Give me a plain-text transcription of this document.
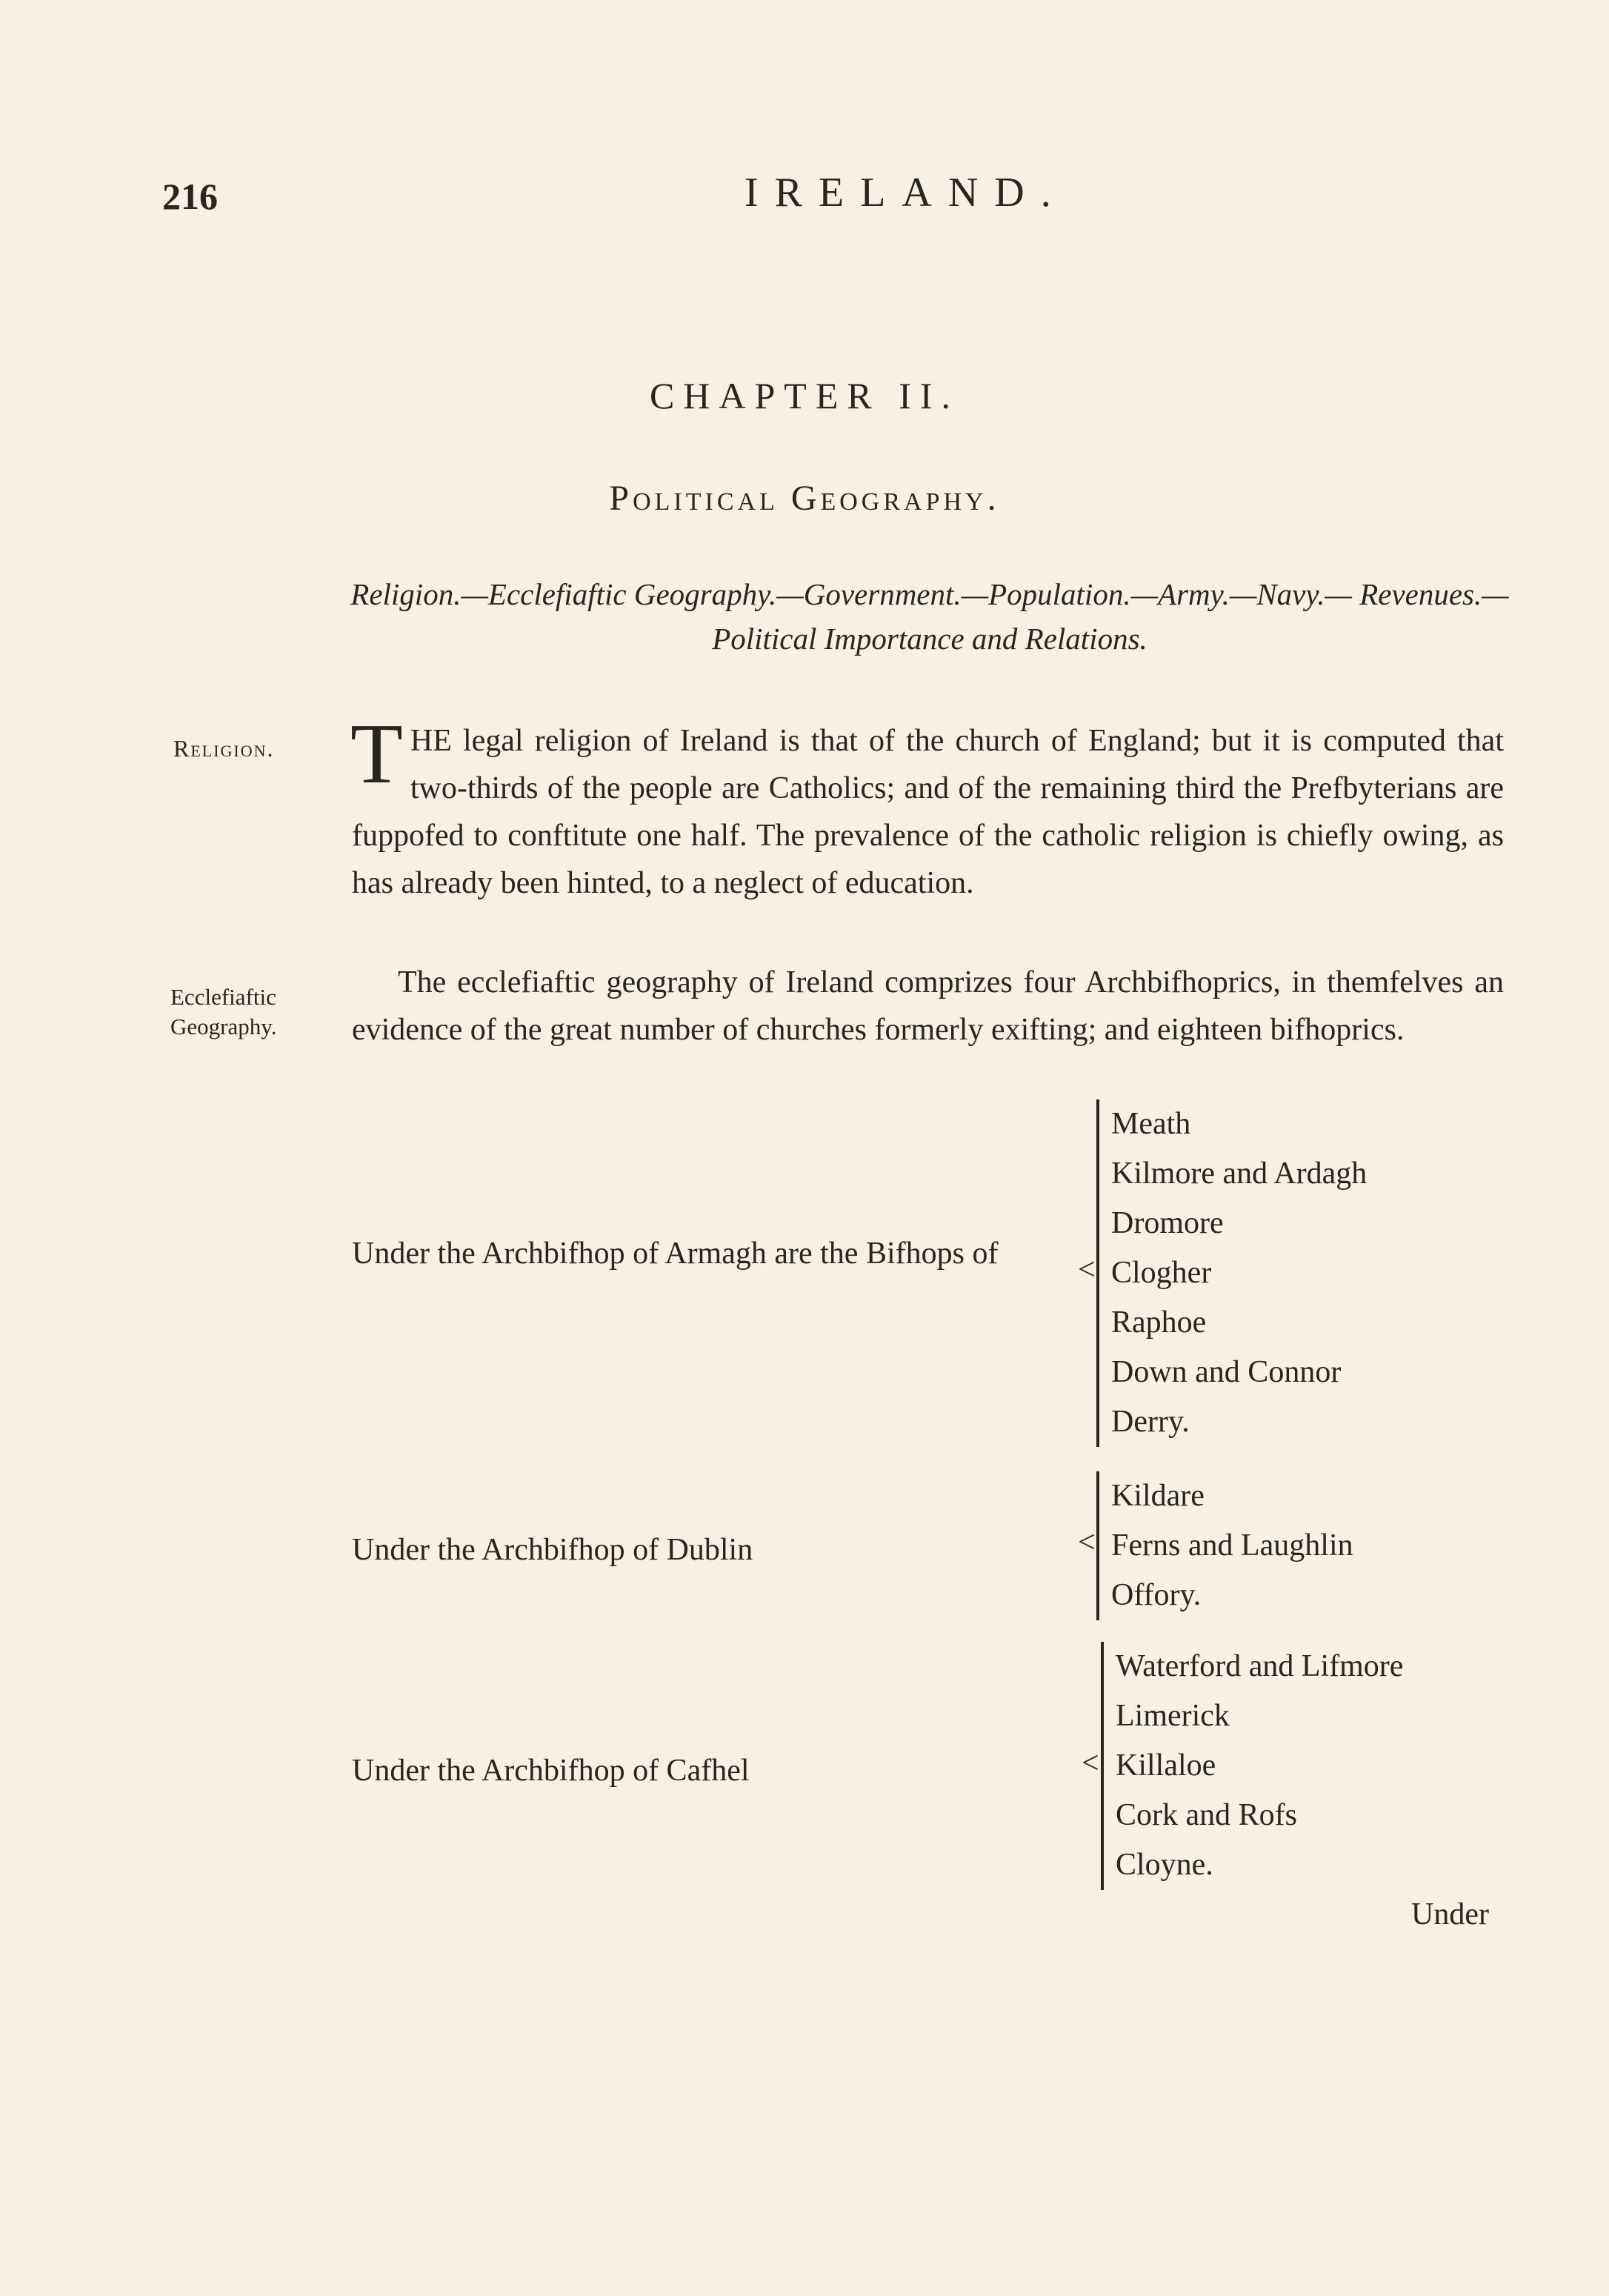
216	IRELAND.
CHAPTER II.
Political Geography.
Religion.—Ecclefiaftic Geography.—Government.—Population.—Army.—Navy.— Revenues.—Political Importance and Relations.
Religion.
Ecclefiaftic
Geography.
THE legal religion of Ireland is that of the church of England; but it is computed that two-thirds of the people are Catholics; and of the remaining third the Prefbyterians are fuppofed to conftitute one half. The prevalence of the catholic religion is chiefly owing, as has already been hinted, to a neglect of education.
The ecclefiaftic geography of Ireland comprizes four Archbifhoprics, in themfelves an evidence of the great number of churches formerly exifting; and eighteen bifhoprics.
Under the Archbifhop of Armagh are the Bifhops of	<
Meath
Kilmore and Ardagh
Dromore
Clogher
Raphoe
Down and Connor
Derry.
Under the Archbifhop of Dublin	<
Kildare
Ferns and Laughlin
Offory.
Under the Archbifhop of Cafhel	<
Waterford and Lifmore
Limerick
Killaloe
Cork and Rofs
Cloyne.
Under
